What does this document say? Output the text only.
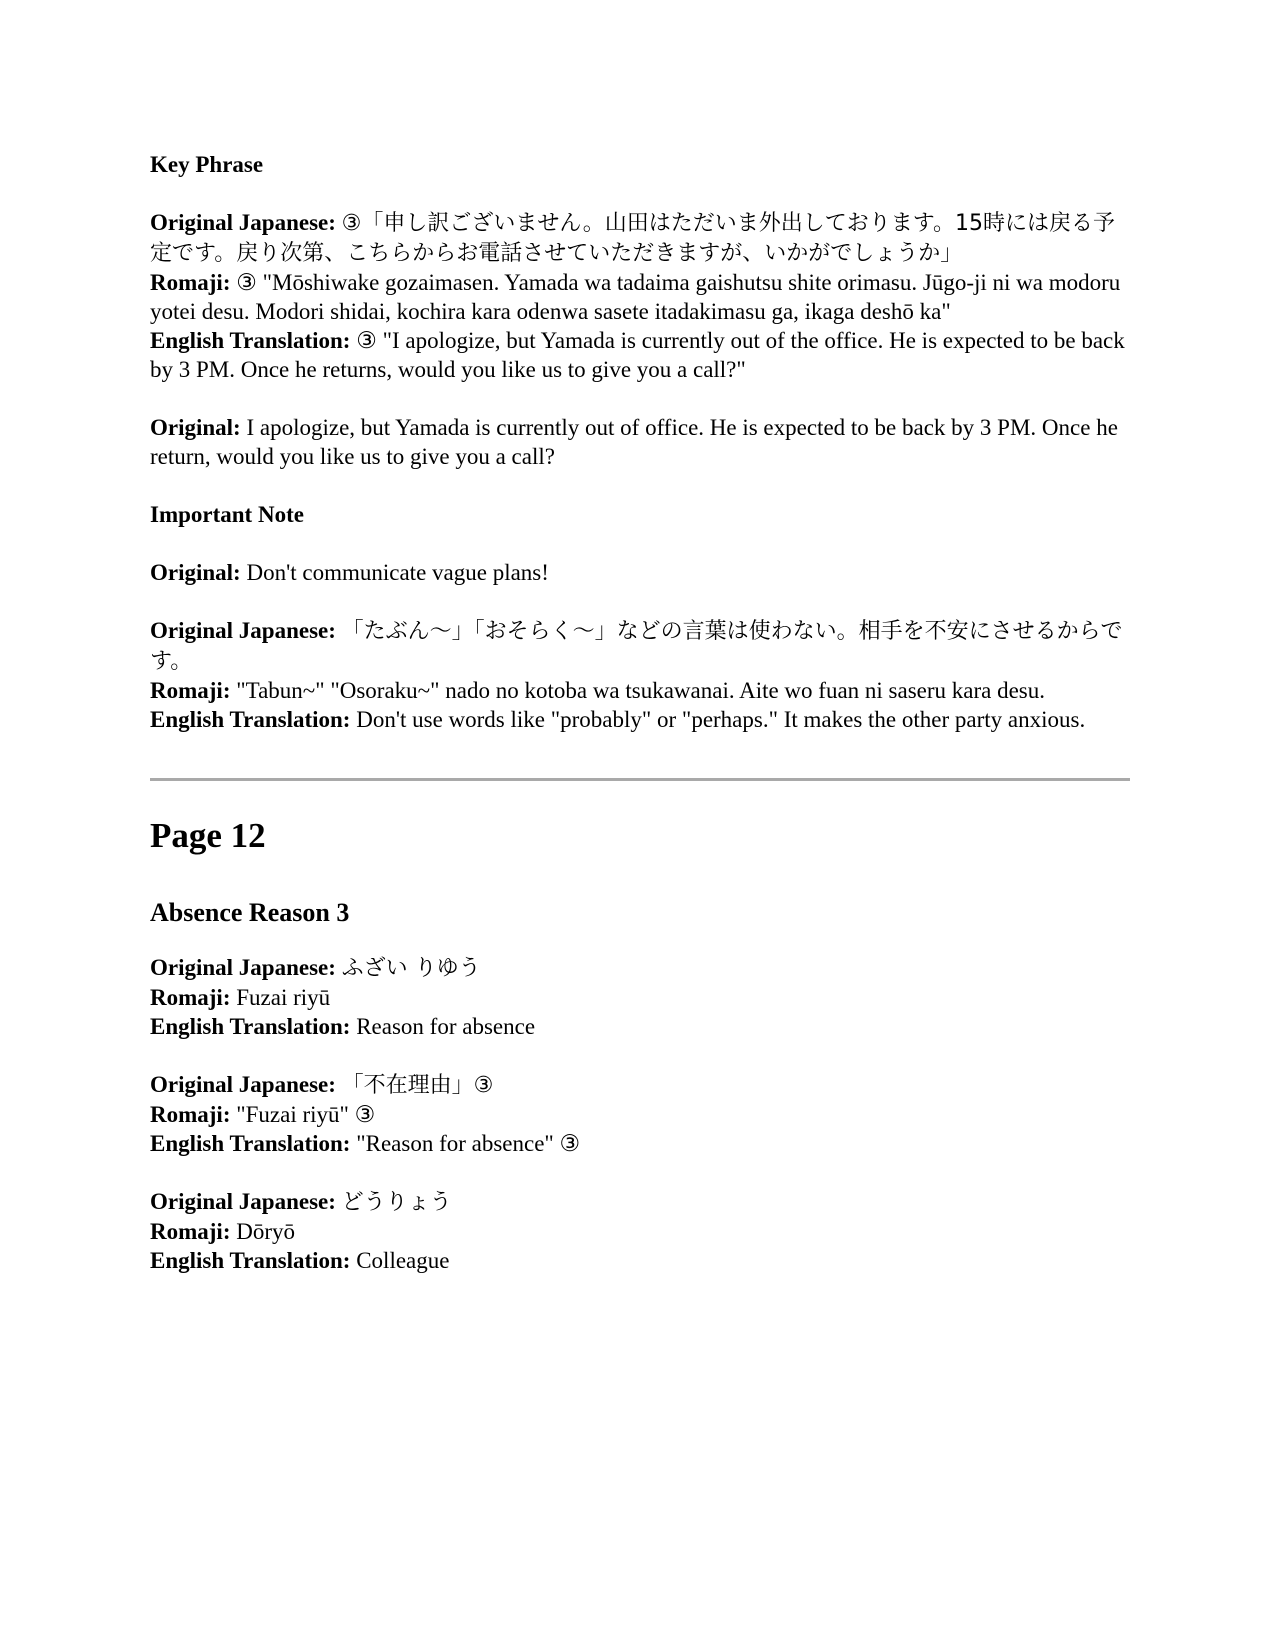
Key Phrase

Original Japanese: ③「申し訳ございません。山田はただいま外出しております。15時には戻る予定です。戻り次第、こちらからお電話させていただきますが、いかがでしょうか」

Romaji: ③ "Mōshiwake gozaimasen. Yamada wa tadaima gaishutsu shite orimasu. Jūgo-ji ni wa modoru yotei desu. Modori shidai, kochira kara odenwa sasete itadakimasu ga, ikaga deshō ka"

English Translation: ③ "I apologize, but Yamada is currently out of the office. He is expected to be back by 3 PM. Once he returns, would you like us to give you a call?"

Original: I apologize, but Yamada is currently out of office. He is expected to be back by 3 PM. Once he return, would you like us to give you a call?

Important Note

Original: Don't communicate vague plans!

Original Japanese: 「たぶん〜」「おそらく〜」などの言葉は使わない。相手を不安にさせるからです。

Romaji: "Tabun~" "Osoraku~" nado no kotoba wa tsukawanai. Aite wo fuan ni saseru kara desu.

English Translation: Don't use words like "probably" or "perhaps." It makes the other party anxious.

Page 12
Absence Reason 3

Original Japanese: ふざい りゆう

Romaji: Fuzai riyū

English Translation: Reason for absence

Original Japanese: 「不在理由」③

Romaji: "Fuzai riyū" ③

English Translation: "Reason for absence" ③

Original Japanese: どうりょう

Romaji: Dōryō

English Translation: Colleague
